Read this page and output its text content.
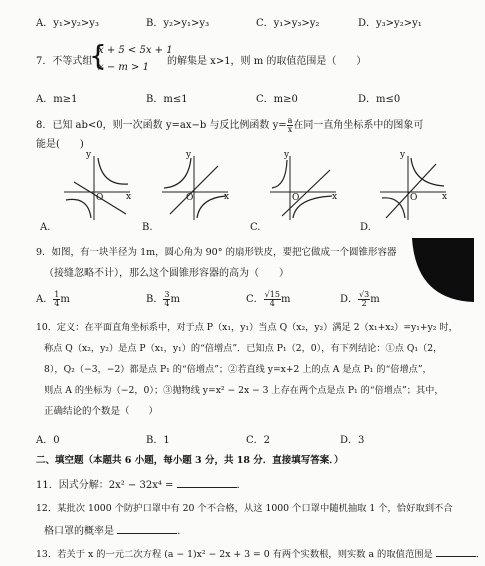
A．y₁>y₂>y₃	B．y₂>y₁>y₃	C．y₁>y₃>y₂	D．y₃>y₂>y₁
7．不等式组
{
x + 5 < 5x + 1
x − m > 1
的解集是 x>1，则 m 的取值范围是（　　）
A．m≥1	B．m≤1	C．m≥0	D．m≤0
8．已知 ab<0，则一次函数 y=ax−b 与反比例函数 $y= \frac{a}{x}$ 在同一直角坐标系中的图象可
能是(　　)
y
x
O
A.
y
x
O
B.
y
x
O
C.
y
x
O
D.
9．如图，有一块半径为 1m，圆心角为 90° 的扇形铁皮，要把它做成一个圆锥形容器
（接缝忽略不计），那么这个圆锥形容器的高为（　　）
A． $\frac{1}{4}$ m	B． $\frac{3}{4}$ m	C． $\frac{√15}{4}$ m	D． $\frac{√3}{2}$ m
10．定义：在平面直角坐标系中，对于点 P（x₁，y₁）当点 Q（x₂，y₂）满足 2（x₁+x₂）=y₁+y₂ 时，
称点 Q（x₂，y₂）是点 P（x₁，y₁）的“倍增点”．已知点 P₁（2，0），有下列结论：①点 Q₁（2，
8），Q₂（−3，−2）都是点 P₁ 的“倍增点”；②若直线 y=x+2 上的点 A 是点 P₁ 的“倍增点”，
则点 A 的坐标为（−2，0）；③抛物线 y=x² − 2x − 3 上存在两个点是点 P₁ 的“倍增点”；其中，
正确结论的个数是（　　）
A．0	B．1	C．2	D．3
二、填空题（本题共 6 小题，每小题 3 分，共 18 分．直接填写答案．）
11．因式分解：2x² − 32x⁴ =	．
12．某批次 1000 个防护口罩中有 20 个不合格，从这 1000 个口罩中随机抽取 1 个，恰好取到不合
格口罩的概率是	．
13．若关于 x 的一元二次方程 (a − 1)x² − 2x + 3 = 0 有两个实数根，则实数 a 的取值范围是	．
